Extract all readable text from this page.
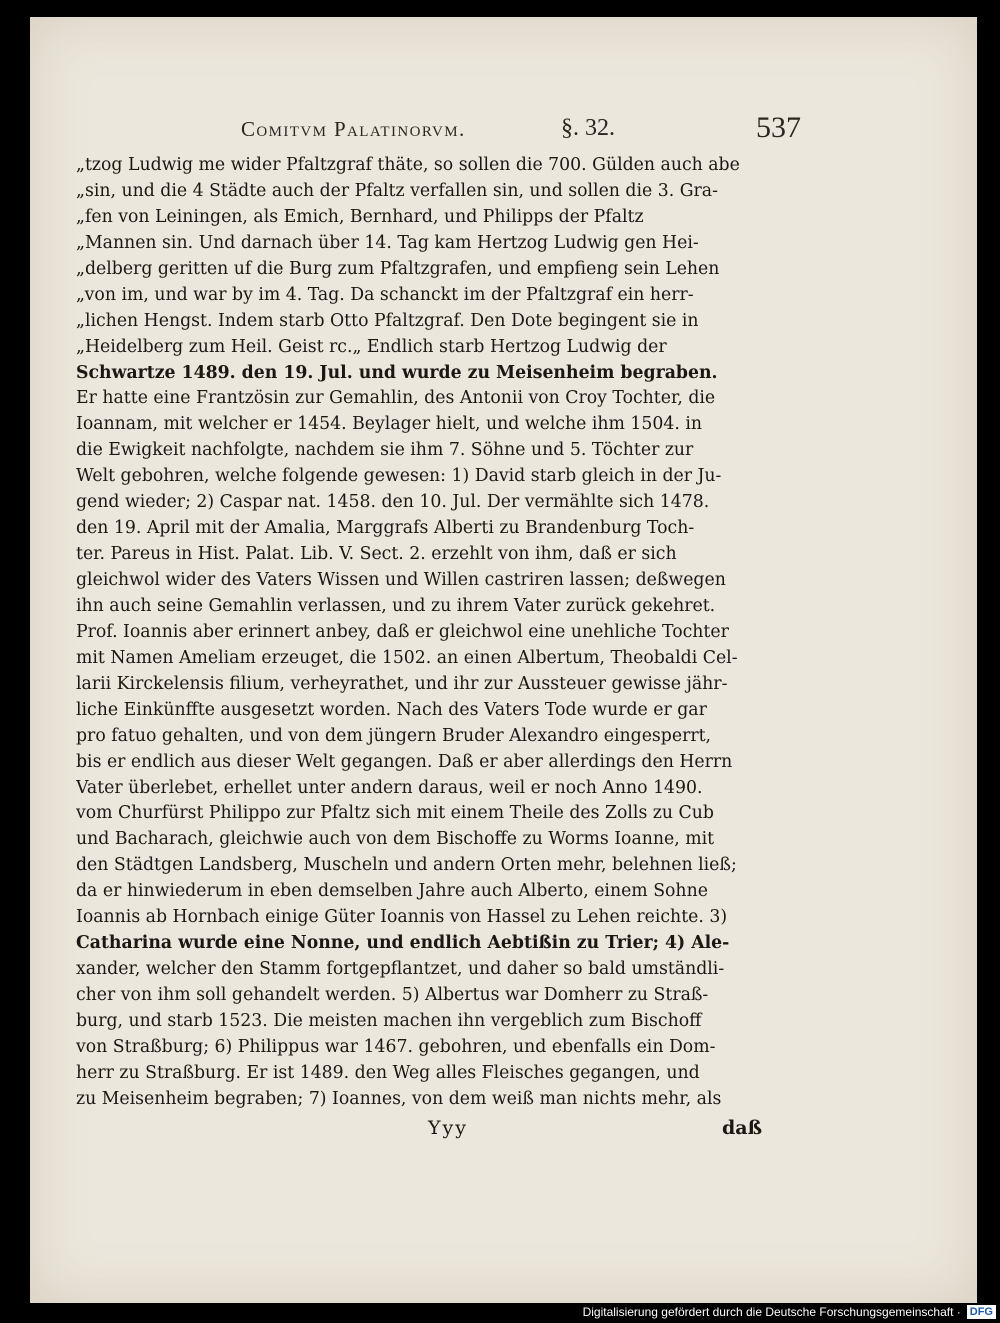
Comitvm Palatinorvm.	§. 32.	537
„tzog Ludwig me wider Pfaltzgraf thäte, so sollen die 700. Gülden auch abe
„sin, und die 4 Städte auch der Pfaltz verfallen sin, und sollen die 3. Gra-
„fen von Leiningen, als Emich, Bernhard, und Philipps der Pfaltz
„Mannen sin. Und darnach über 14. Tag kam Hertzog Ludwig gen Hei-
„delberg geritten uf die Burg zum Pfaltzgrafen, und empfieng sein Lehen
„von im, und war by im 4. Tag. Da schanckt im der Pfaltzgraf ein herr-
„lichen Hengst. Indem starb Otto Pfaltzgraf. Den Dote begingent sie in
„Heidelberg zum Heil. Geist rc.„ Endlich starb Hertzog Ludwig der
Schwartze 1489. den 19. Jul. und wurde zu Meisenheim begraben.
Er hatte eine Frantzösin zur Gemahlin, des Antonii von Croy Tochter, die
Ioannam, mit welcher er 1454. Beylager hielt, und welche ihm 1504. in
die Ewigkeit nachfolgte, nachdem sie ihm 7. Söhne und 5. Töchter zur
Welt gebohren, welche folgende gewesen: 1) David starb gleich in der Ju-
gend wieder; 2) Caspar nat. 1458. den 10. Jul. Der vermählte sich 1478.
den 19. April mit der Amalia, Marggrafs Alberti zu Brandenburg Toch-
ter. Pareus in Hist. Palat. Lib. V. Sect. 2. erzehlt von ihm, daß er sich
gleichwol wider des Vaters Wissen und Willen castriren lassen; deßwegen
ihn auch seine Gemahlin verlassen, und zu ihrem Vater zurück gekehret.
Prof. Ioannis aber erinnert anbey, daß er gleichwol eine unehliche Tochter
mit Namen Ameliam erzeuget, die 1502. an einen Albertum, Theobaldi Cel-
larii Kirckelensis filium, verheyrathet, und ihr zur Aussteuer gewisse jähr-
liche Einkünffte ausgesetzt worden. Nach des Vaters Tode wurde er gar
pro fatuo gehalten, und von dem jüngern Bruder Alexandro eingesperrt,
bis er endlich aus dieser Welt gegangen. Daß er aber allerdings den Herrn
Vater überlebet, erhellet unter andern daraus, weil er noch Anno 1490.
vom Churfürst Philippo zur Pfaltz sich mit einem Theile des Zolls zu Cub
und Bacharach, gleichwie auch von dem Bischoffe zu Worms Ioanne, mit
den Städtgen Landsberg, Muscheln und andern Orten mehr, belehnen ließ;
da er hinwiederum in eben demselben Jahre auch Alberto, einem Sohne
Ioannis ab Hornbach einige Güter Ioannis von Hassel zu Lehen reichte. 3)
Catharina wurde eine Nonne, und endlich Aebtißin zu Trier; 4) Ale-
xander, welcher den Stamm fortgepflantzet, und daher so bald umständli-
cher von ihm soll gehandelt werden. 5) Albertus war Domherr zu Straß-
burg, und starb 1523. Die meisten machen ihn vergeblich zum Bischoff
von Straßburg; 6) Philippus war 1467. gebohren, und ebenfalls ein Dom-
herr zu Straßburg. Er ist 1489. den Weg alles Fleisches gegangen, und
zu Meisenheim begraben; 7) Ioannes, von dem weiß man nichts mehr, als
Yyy	daß
Digitalisierung gefördert durch die Deutsche Forschungsgemeinschaft · DFG
